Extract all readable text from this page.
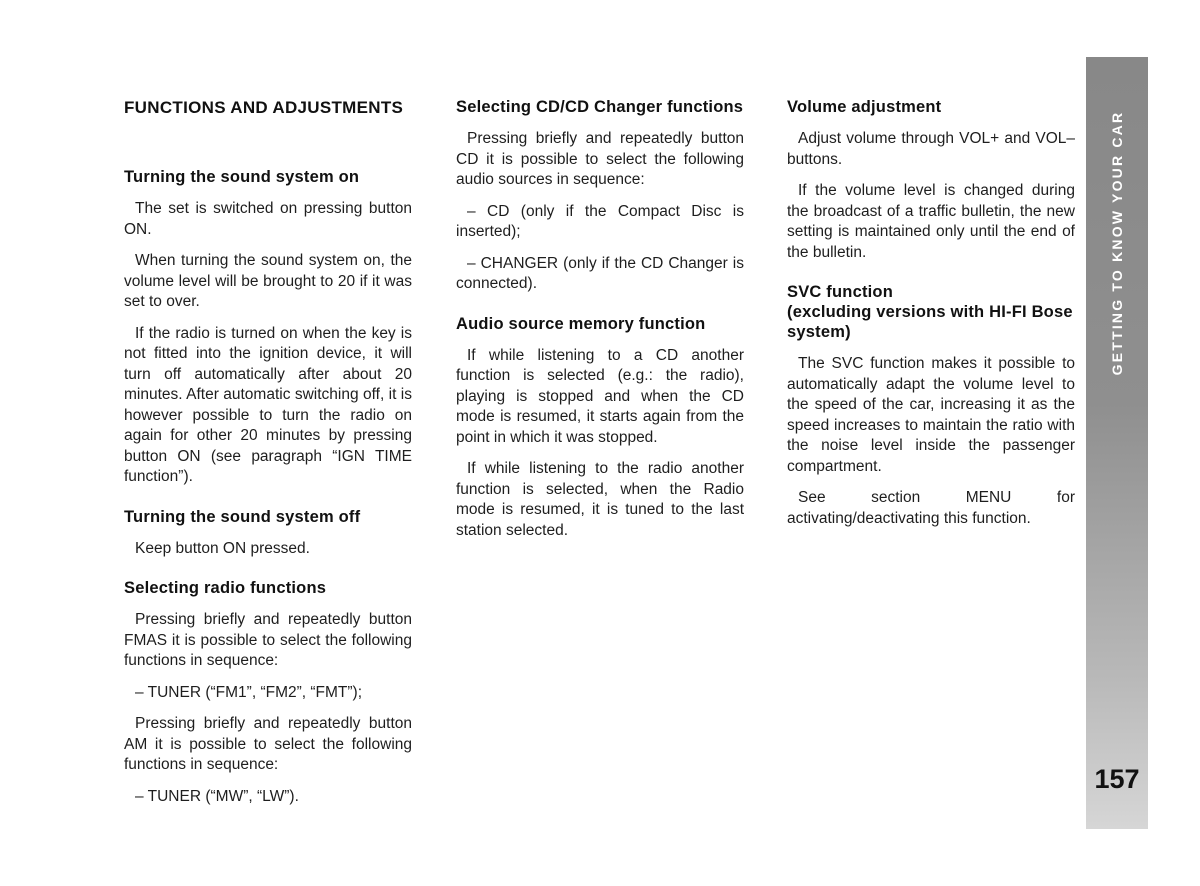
FUNCTIONS AND ADJUSTMENTS
Turning the sound system on

The set is switched on pressing button ON.

When turning the sound system on, the volume level will be brought to 20 if it was set to over.

If the radio is turned on when the key is not fitted into the ignition device, it will turn off automatically after about 20 minutes. After automatic switching off, it is however possible to turn the radio on again for other 20 minutes by pressing button ON (see paragraph “IGN TIME function”).

Turning the sound system off

Keep button ON pressed.

Selecting radio functions

Pressing briefly and repeatedly button FMAS it is possible to select the following functions in sequence:

– TUNER (“FM1”, “FM2”, “FMT”);

Pressing briefly and repeatedly button AM it is possible to select the following functions in sequence:

– TUNER (“MW”, “LW”).

Selecting CD/CD Changer functions

Pressing briefly and repeatedly button CD it is possible to select the following audio sources in sequence:

– CD (only if the Compact Disc is inserted);

– CHANGER (only if the CD Changer is connected).

Audio source memory function

If while listening to a CD another function is selected (e.g.: the radio), playing is stopped and when the CD mode is resumed, it starts again from the point in which it was stopped.

If while listening to the radio another function is selected, when the Radio mode is resumed, it is tuned to the last station selected.

Volume adjustment

Adjust volume through VOL+ and VOL– buttons.

If the volume level is changed during the broadcast of a traffic bulletin, the new setting is maintained only until the end of the bulletin.

SVC function
(excluding versions with HI-FI Bose system)

The SVC function makes it possible to automatically adapt the volume level to the speed of the car, increasing it as the speed increases to maintain the ratio with the noise level inside the passenger compartment.

See section MENU for activating/deactivating this function.

GETTING TO KNOW YOUR CAR
157
